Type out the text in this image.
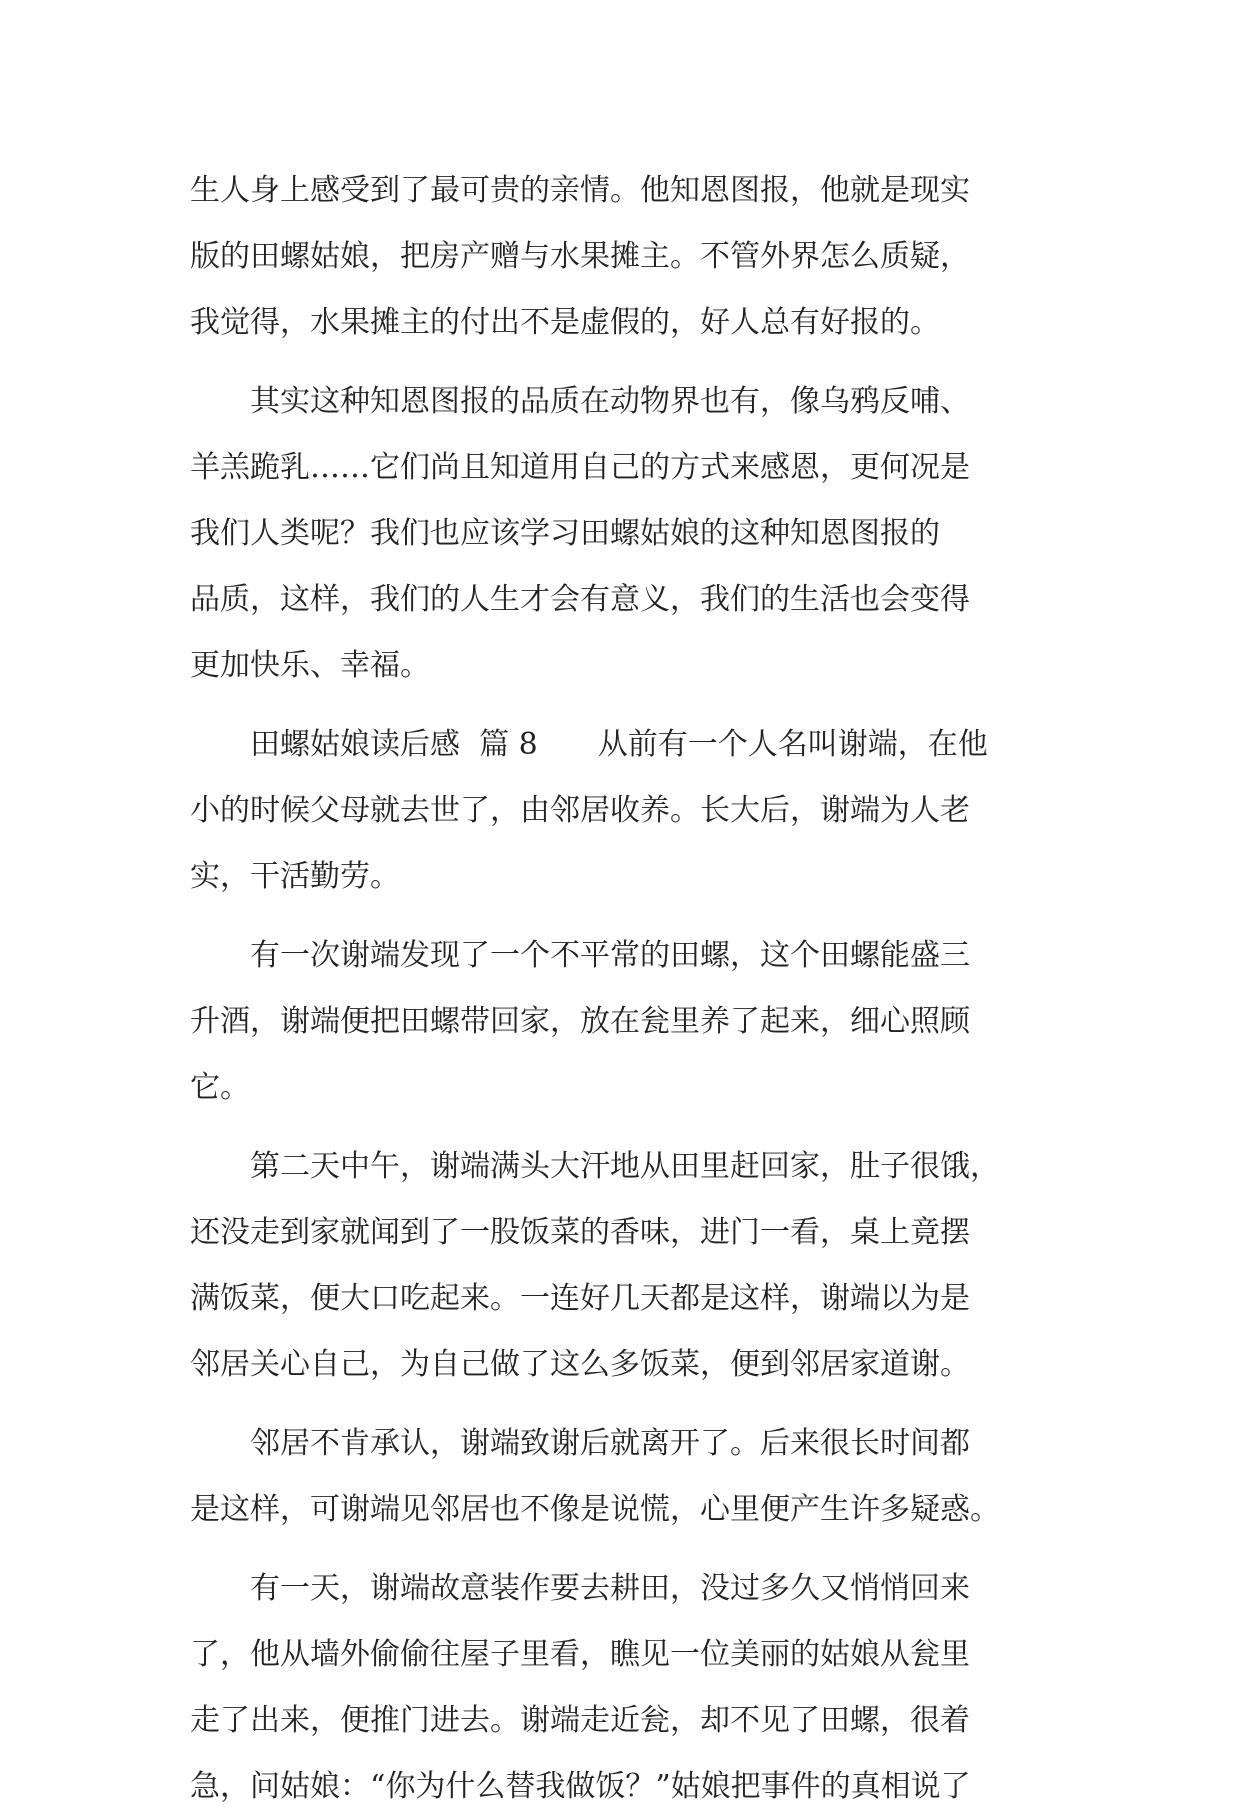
生人身上感受到了最可贵的亲情。他知恩图报，他就是现实

版的田螺姑娘，把房产赠与水果摊主。不管外界怎么质疑，

我觉得，水果摊主的付出不是虚假的，好人总有好报的。

　　其实这种知恩图报的品质在动物界也有，像乌鸦反哺、

羊羔跪乳……它们尚且知道用自己的方式来感恩，更何况是

我们人类呢？我们也应该学习田螺姑娘的这种知恩图报的

品质，这样，我们的人生才会有意义，我们的生活也会变得

更加快乐、幸福。

　　田螺姑娘读后感  篇 8　　从前有一个人名叫谢端，在他

小的时候父母就去世了，由邻居收养。长大后，谢端为人老

实，干活勤劳。

　　有一次谢端发现了一个不平常的田螺，这个田螺能盛三

升酒，谢端便把田螺带回家，放在瓮里养了起来，细心照顾

它。

　　第二天中午，谢端满头大汗地从田里赶回家，肚子很饿，

还没走到家就闻到了一股饭菜的香味，进门一看，桌上竟摆

满饭菜，便大口吃起来。一连好几天都是这样，谢端以为是

邻居关心自己，为自己做了这么多饭菜，便到邻居家道谢。

　　邻居不肯承认，谢端致谢后就离开了。后来很长时间都

是这样，可谢端见邻居也不像是说慌，心里便产生许多疑惑。

　　有一天，谢端故意装作要去耕田，没过多久又悄悄回来

了，他从墙外偷偷往屋子里看，瞧见一位美丽的姑娘从瓮里

走了出来，便推门进去。谢端走近瓮，却不见了田螺，很着

急，问姑娘：“你为什么替我做饭？”姑娘把事件的真相说了
